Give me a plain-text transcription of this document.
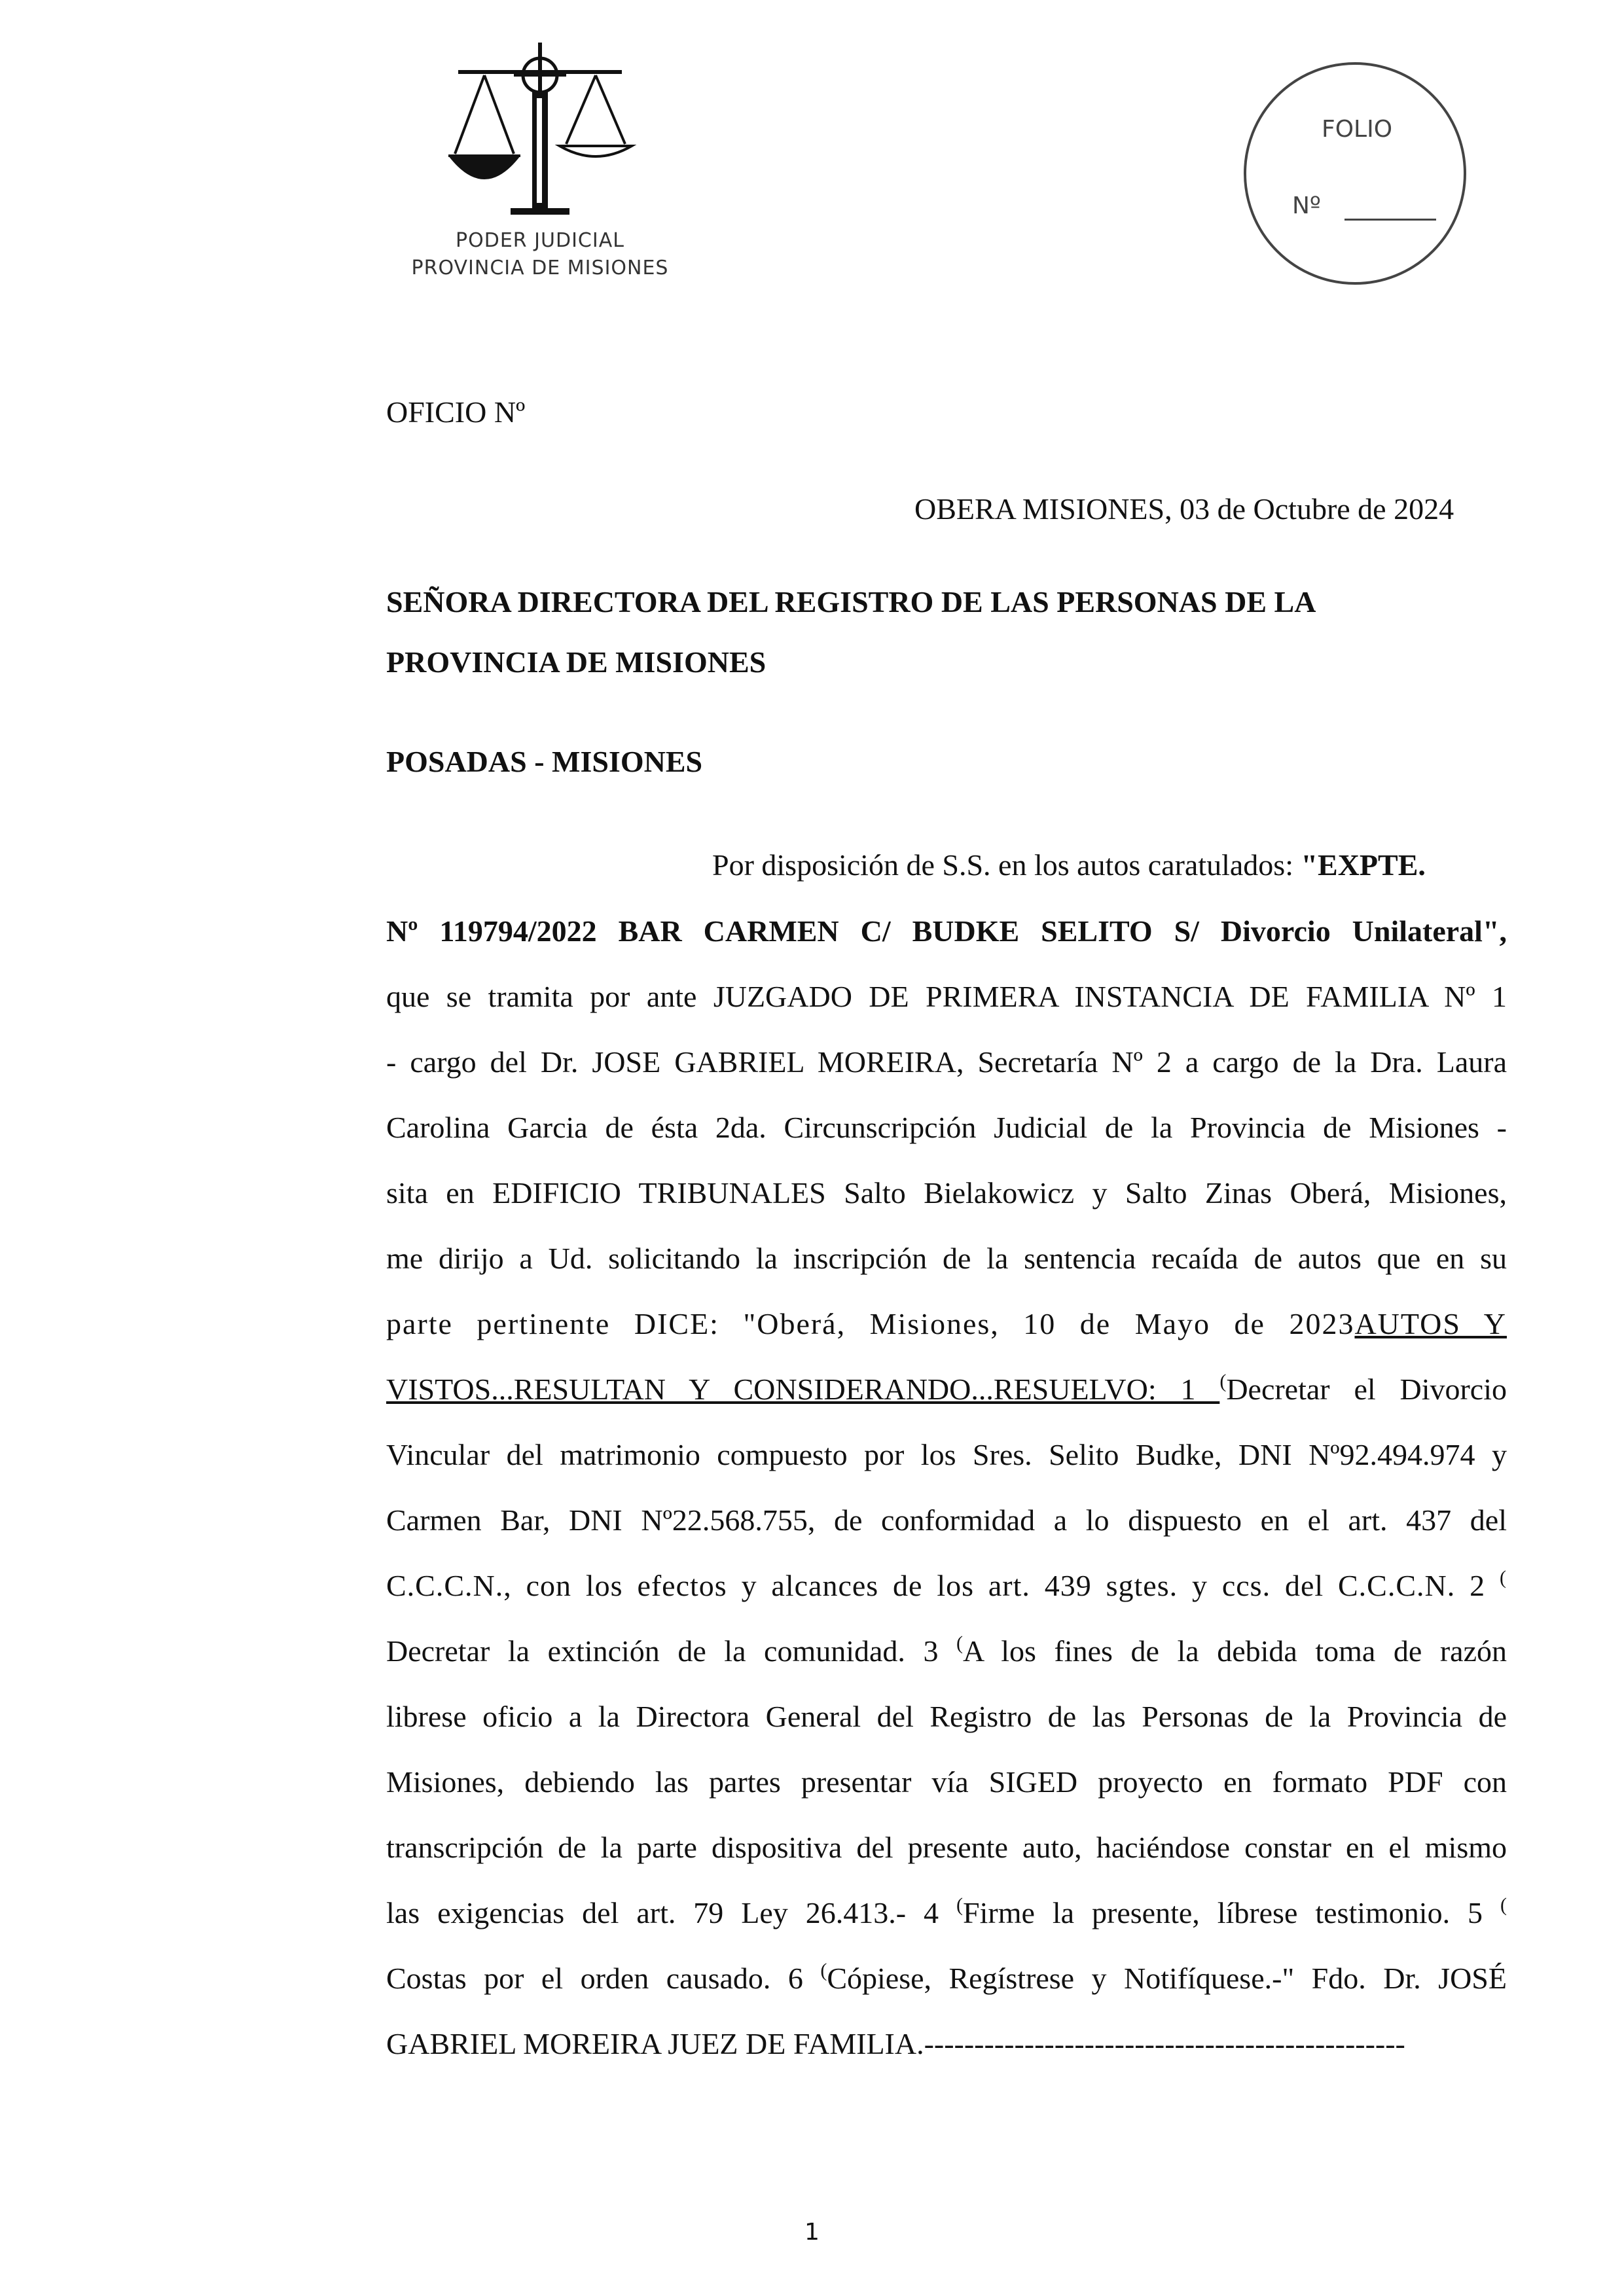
PODER JUDICIAL
PROVINCIA DE MISIONES
FOLIO
Nº
OFICIO Nº
OBERA MISIONES, 03 de Octubre de 2024
SEÑORA DIRECTORA DEL REGISTRO DE LAS PERSONAS DE LA
PROVINCIA DE MISIONES
POSADAS - MISIONES
Por disposición de S.S. en los autos caratulados: "EXPTE.
Nº 119794/2022 BAR CARMEN C/ BUDKE SELITO S/ Divorcio Unilateral",
que se tramita por ante JUZGADO DE PRIMERA INSTANCIA DE FAMILIA Nº 1
- cargo del Dr. JOSE GABRIEL MOREIRA, Secretaría Nº 2 a cargo de la Dra. Laura
Carolina Garcia de ésta 2da. Circunscripción Judicial de la Provincia de Misiones -
sita en EDIFICIO TRIBUNALES Salto Bielakowicz y Salto Zinas Oberá, Misiones,
me dirijo a Ud. solicitando la inscripción de la sentencia recaída de autos que en su
parte pertinente DICE: "Oberá, Misiones, 10 de Mayo de 2023AUTOS Y
VISTOS...RESULTAN Y CONSIDERANDO...RESUELVO: 1 (Decretar el Divorcio
Vincular del matrimonio compuesto por los Sres. Selito Budke, DNI Nº92.494.974 y
Carmen Bar, DNI Nº22.568.755, de conformidad a lo dispuesto en el art. 437 del
C.C.C.N., con los efectos y alcances de los art. 439 sgtes. y ccs. del C.C.C.N. 2 (
Decretar la extinción de la comunidad. 3 (A los fines de la debida toma de razón
librese oficio a la Directora General del Registro de las Personas de la Provincia de
Misiones, debiendo las partes presentar vía SIGED proyecto en formato PDF con
transcripción de la parte dispositiva del presente auto, haciéndose constar en el mismo
las exigencias del art. 79 Ley 26.413.- 4 (Firme la presente, líbrese testimonio. 5 (
Costas por el orden causado. 6 (Cópiese, Regístrese y Notifíquese.-" Fdo. Dr. JOSÉ
GABRIEL MOREIRA JUEZ DE FAMILIA.------------------------------------------------
1
